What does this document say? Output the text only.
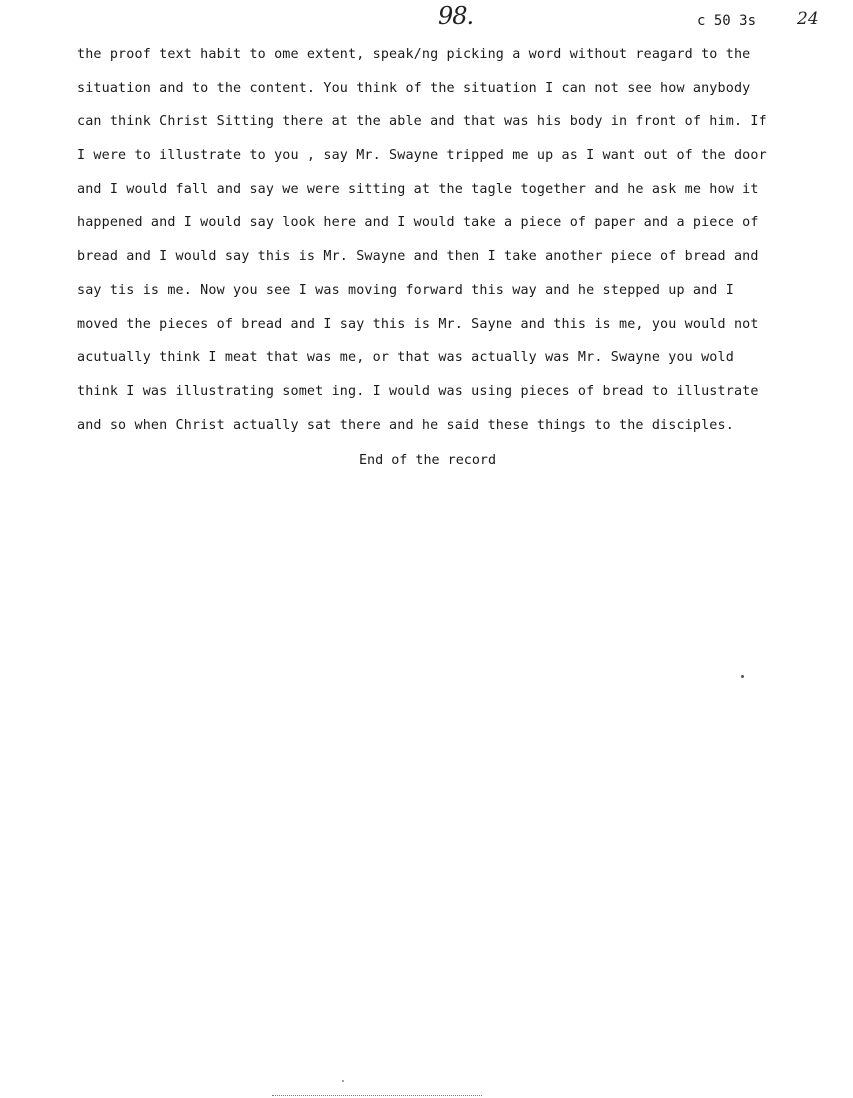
98.	c 50 3s 24
the proof text habit to ome extent, speak/ng picking a word without reagard to the
situation and to the content. You think of the situation I can not see how anybody
can think Christ Sitting there at the able and that was his body in front of him. If
I were to illustrate to you , say Mr. Swayne tripped me up as I want out of the door
and I would fall and say we were sitting at the tagle together and he ask me how it
happened and I would say look here and I would take a piece of paper and a piece of
bread and I would say this is Mr. Swayne and then I take another piece of bread and
say tis is me. Now you see I was moving forward this way and he stepped up and I
moved the pieces of bread and I say this is Mr. Sayne and this is me, you would not
acutually think I meat that was me, or that was actually was Mr. Swayne you wold
think I was illustrating somet ing. I would was using pieces of bread to illustrate
and so when Christ actually sat there and he said these things to the disciples.
End of the record
